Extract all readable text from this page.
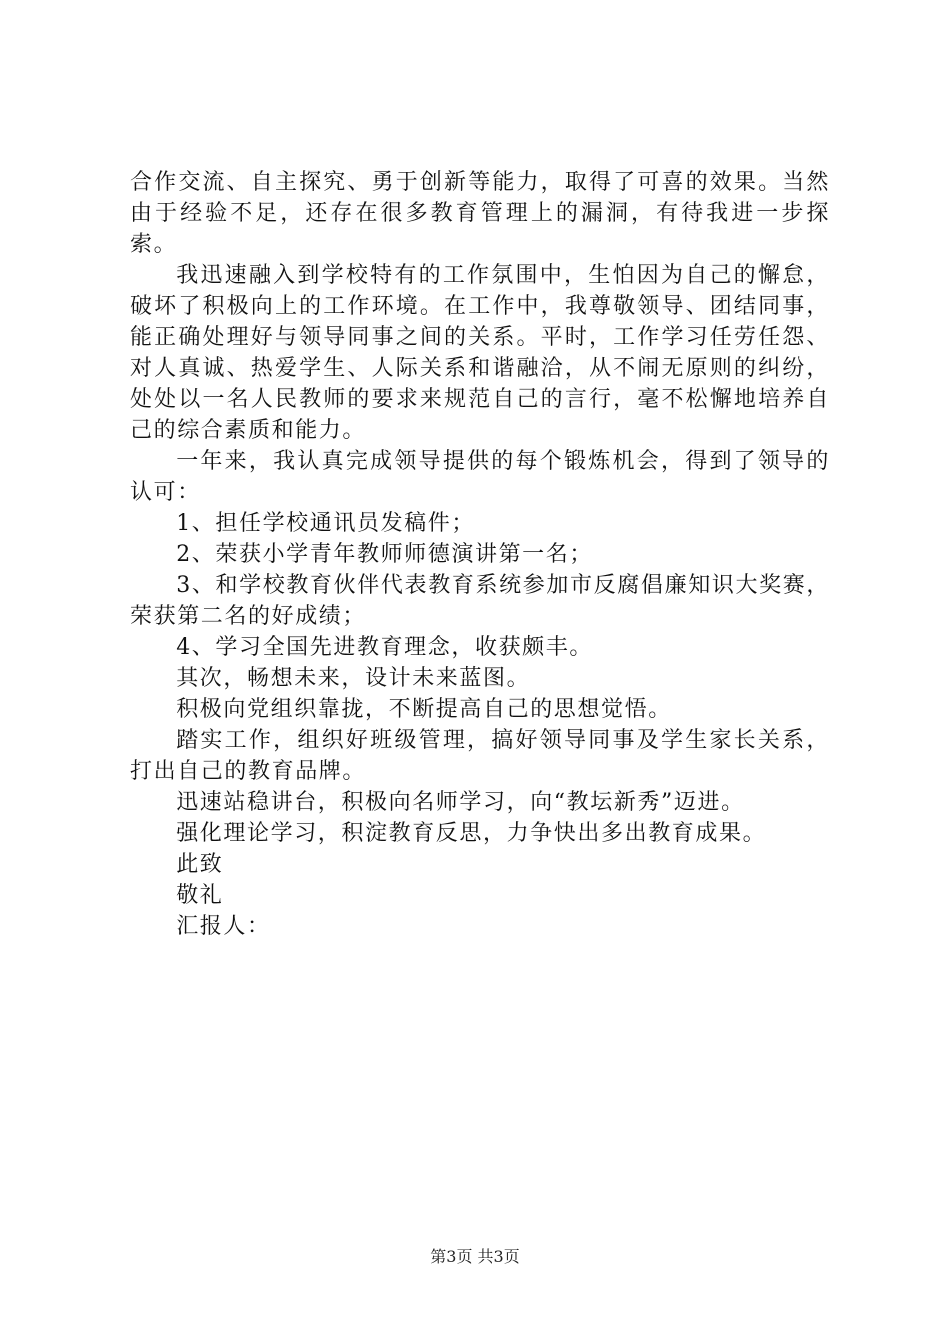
合作交流、自主探究、勇于创新等能力，取得了可喜的效果。当然由于经验不足，还存在很多教育管理上的漏洞，有待我进一步探索。

我迅速融入到学校特有的工作氛围中，生怕因为自己的懈怠，破坏了积极向上的工作环境。在工作中，我尊敬领导、团结同事，能正确处理好与领导同事之间的关系。平时，工作学习任劳任怨、对人真诚、热爱学生、人际关系和谐融洽，从不闹无原则的纠纷，处处以一名人民教师的要求来规范自己的言行，毫不松懈地培养自己的综合素质和能力。

一年来，我认真完成领导提供的每个锻炼机会，得到了领导的认可：

1、担任学校通讯员发稿件；

2、荣获小学青年教师师德演讲第一名；

3、和学校教育伙伴代表教育系统参加市反腐倡廉知识大奖赛，荣获第二名的好成绩；

4、学习全国先进教育理念，收获颇丰。

其次，畅想未来，设计未来蓝图。

积极向党组织靠拢，不断提高自己的思想觉悟。

踏实工作，组织好班级管理，搞好领导同事及学生家长关系，打出自己的教育品牌。

迅速站稳讲台，积极向名师学习，向“教坛新秀”迈进。

强化理论学习，积淀教育反思，力争快出多出教育成果。

此致

敬礼

汇报人：

第3页 共3页
